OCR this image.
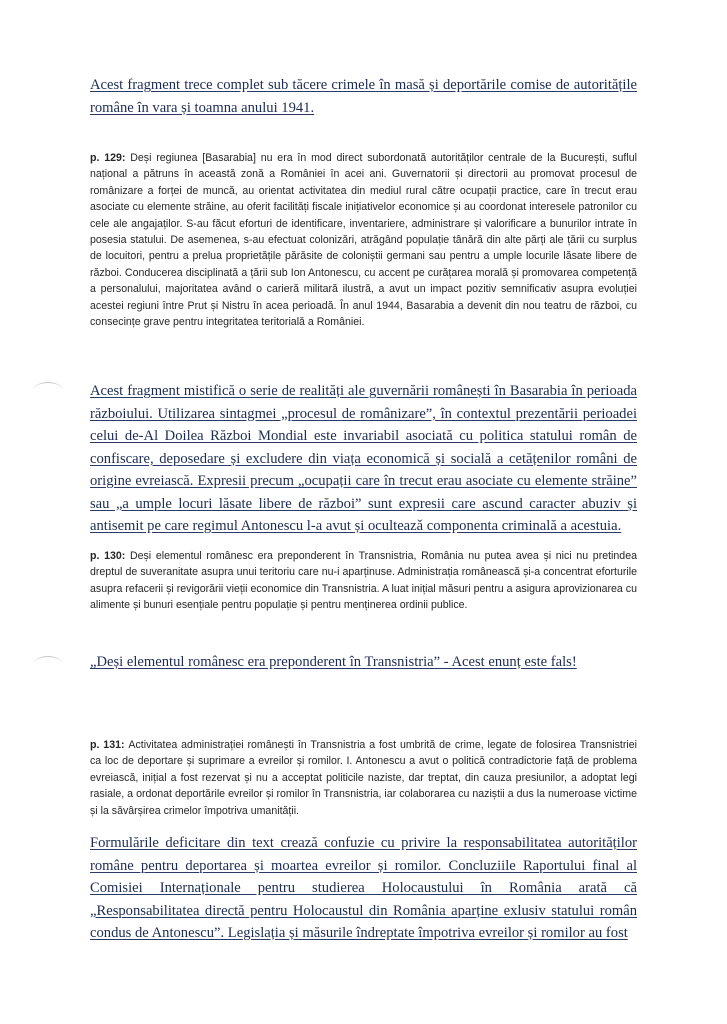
Acest fragment trece complet sub tăcere crimele în masă și deportările comise de autoritățile române în vara și toamna anului 1941.

p. 129: Deși regiunea [Basarabia] nu era în mod direct subordonată autorităților centrale de la București, suflul național a pătruns în această zonă a României în acei ani. Guvernatorii și directorii au promovat procesul de românizare a forței de muncă, au orientat activitatea din mediul rural către ocupații practice, care în trecut erau asociate cu elemente străine, au oferit facilități fiscale inițiativelor economice și au coordonat interesele patronilor cu cele ale angajaților. S-au făcut eforturi de identificare, inventariere, administrare și valorificare a bunurilor intrate în posesia statului. De asemenea, s-au efectuat colonizări, atrăgând populație tânără din alte părți ale țării cu surplus de locuitori, pentru a prelua proprietățile părăsite de coloniștii germani sau pentru a umple locurile lăsate libere de război. Conducerea disciplinată a țării sub Ion Antonescu, cu accent pe curățarea morală și promovarea competență a personalului, majoritatea având o carieră militară ilustră, a avut un impact pozitiv semnificativ asupra evoluției acestei regiuni între Prut și Nistru în acea perioadă. În anul 1944, Basarabia a devenit din nou teatru de război, cu consecințe grave pentru integritatea teritorială a României.

Acest fragment mistifică o serie de realități ale guvernării românești în Basarabia în perioada războiului. Utilizarea sintagmei „procesul de românizare”, în contextul prezentării perioadei celui de-Al Doilea Război Mondial este invariabil asociată cu politica statului român de confiscare, deposedare și excludere din viața economică și socială a cetățenilor români de origine evreiască. Expresii precum „ocupații care în trecut erau asociate cu elemente străine” sau „a umple locuri lăsate libere de război” sunt expresii care ascund caracter abuziv și antisemit pe care regimul Antonescu l-a avut și oculteazǎ componenta criminală a acestuia.

p. 130: Deși elementul românesc era preponderent în Transnistria, România nu putea avea și nici nu pretindea dreptul de suveranitate asupra unui teritoriu care nu-i aparținuse. Administrația românească și-a concentrat eforturile asupra refacerii și revigorării vieții economice din Transnistria. A luat inițial măsuri pentru a asigura aprovizionarea cu alimente și bunuri esențiale pentru populație și pentru menținerea ordinii publice.

„Deși elementul românesc era preponderent în Transnistria” - Acest enunț este fals!

p. 131: Activitatea administrației românești în Transnistria a fost umbrită de crime, legate de folosirea Transnistriei ca loc de deportare și suprimare a evreilor și romilor. I. Antonescu a avut o politică contradictorie față de problema evreiască, inițial a fost rezervat și nu a acceptat politicile naziste, dar treptat, din cauza presiunilor, a adoptat legi rasiale, a ordonat deportările evreilor și romilor în Transnistria, iar colaborarea cu naziștii a dus la numeroase victime și la săvârșirea crimelor împotriva umanității.

Formulările deficitare din text crează confuzie cu privire la responsabilitatea autorităților române pentru deportarea și moartea evreilor și romilor. Concluziile Raportului final al Comisiei Internaționale pentru studierea Holocaustului în România arată că „Responsabilitatea directă pentru Holocaustul din România aparține exlusiv statului român condus de Antonescu”. Legislația și măsurile îndreptate împotriva evreilor și romilor au fost
